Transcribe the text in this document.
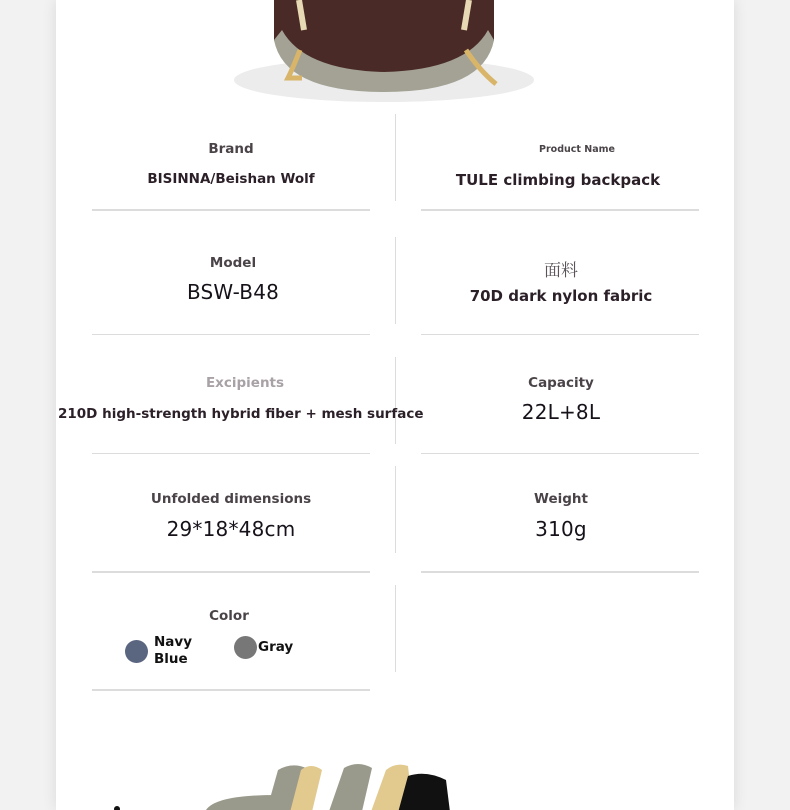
Brand
BISINNA/Beishan Wolf
Product Name
TULE climbing backpack
Model
BSW-B48
面料
70D dark nylon fabric
Excipients
210D high-strength hybrid fiber + mesh surface
Capacity
22L+8L
Unfolded dimensions
29*18*48cm
Weight
310g
Color
Navy
Blue
Gray
